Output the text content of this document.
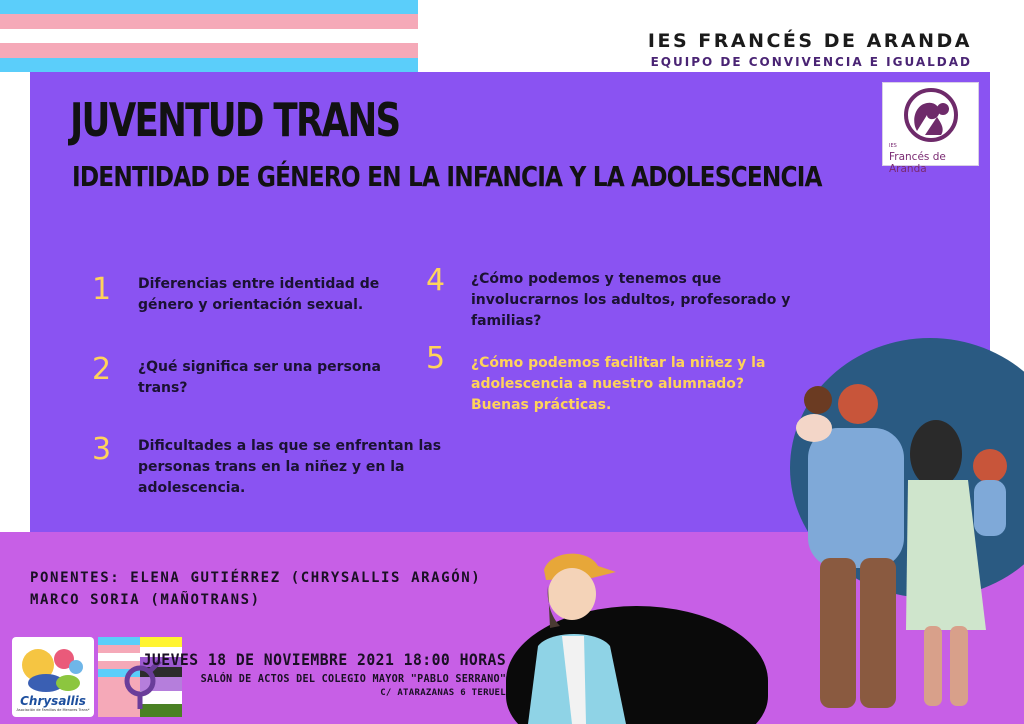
IES FRANCÉS DE ARANDA
EQUIPO DE CONVIVENCIA E IGUALDAD
IES
Francés de Aranda
JUVENTUD TRANS
IDENTIDAD DE GÉNERO EN LA INFANCIA Y LA ADOLESCENCIA
1 Diferencias entre identidad de
género y orientación sexual.
2 ¿Qué significa ser una persona
trans?
3 Dificultades a las que se enfrentan las
personas trans en la niñez y en la
adolescencia.
4 ¿Cómo podemos y tenemos que
involucrarnos los adultos, profesorado y
familias?
5 ¿Cómo podemos facilitar la niñez y la
adolescencia a nuestro alumnado?
Buenas prácticas.
PONENTES: ELENA GUTIÉRREZ (CHRYSALLIS ARAGÓN)
MARCO SORIA (MAÑOTRANS)
Chrysallis
Asociación de Familias de Menores Trans*
JUEVES 18 DE NOVIEMBRE 2021 18:00 HORAS
SALÓN DE ACTOS DEL COLEGIO MAYOR "PABLO SERRANO"
C/ ATARAZANAS 6 TERUEL
